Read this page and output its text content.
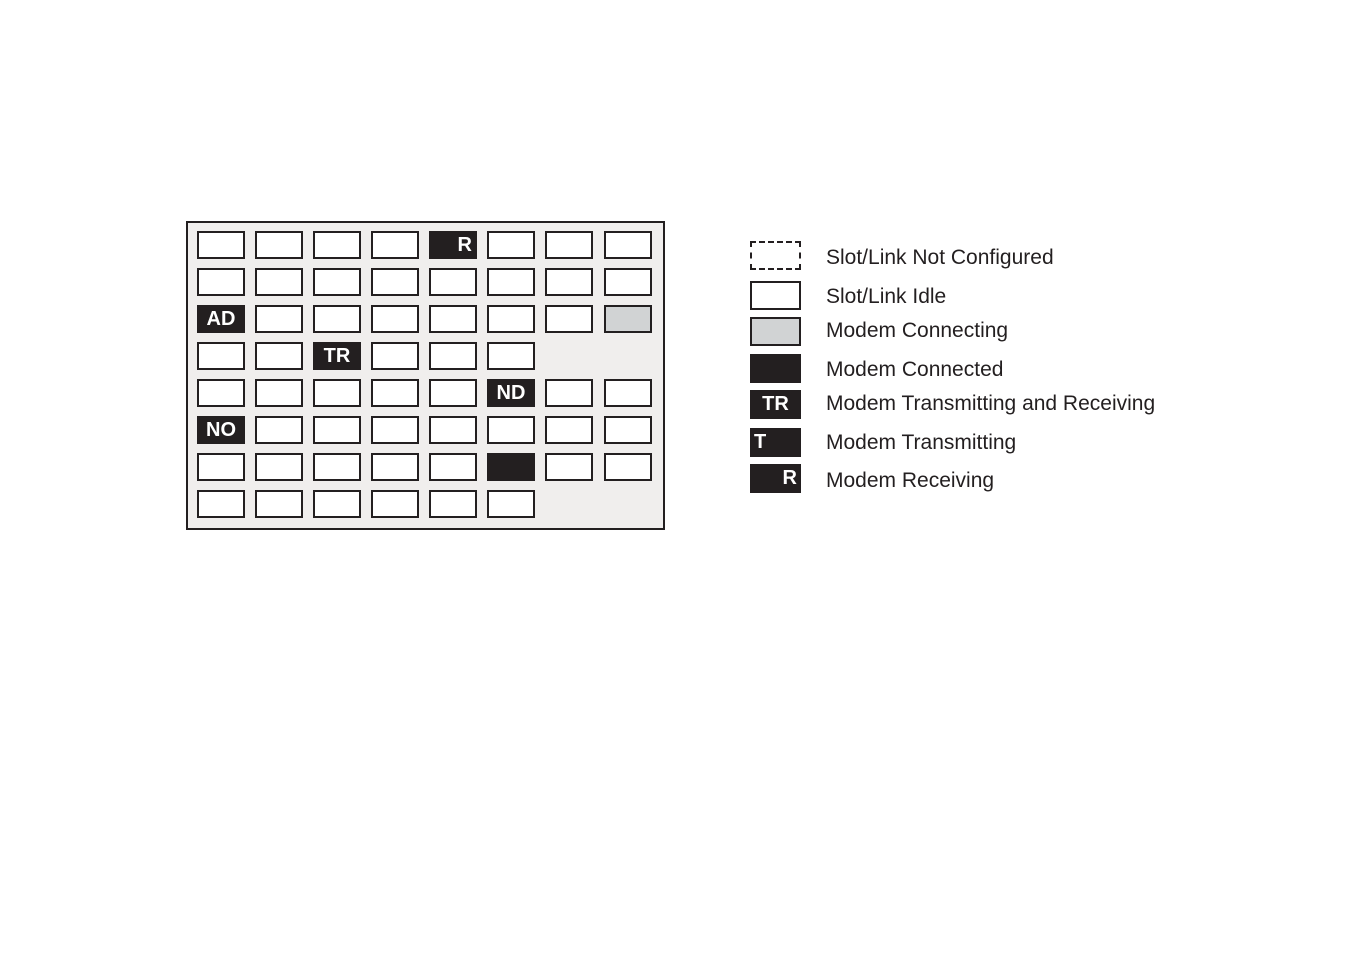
R
AD
TR
ND
NO
Slot/Link Not Configured
Slot/Link Idle
Modem Connecting
Modem Connected
TR	Modem Transmitting and Receiving
T	Modem Transmitting
R Modem Receiving
